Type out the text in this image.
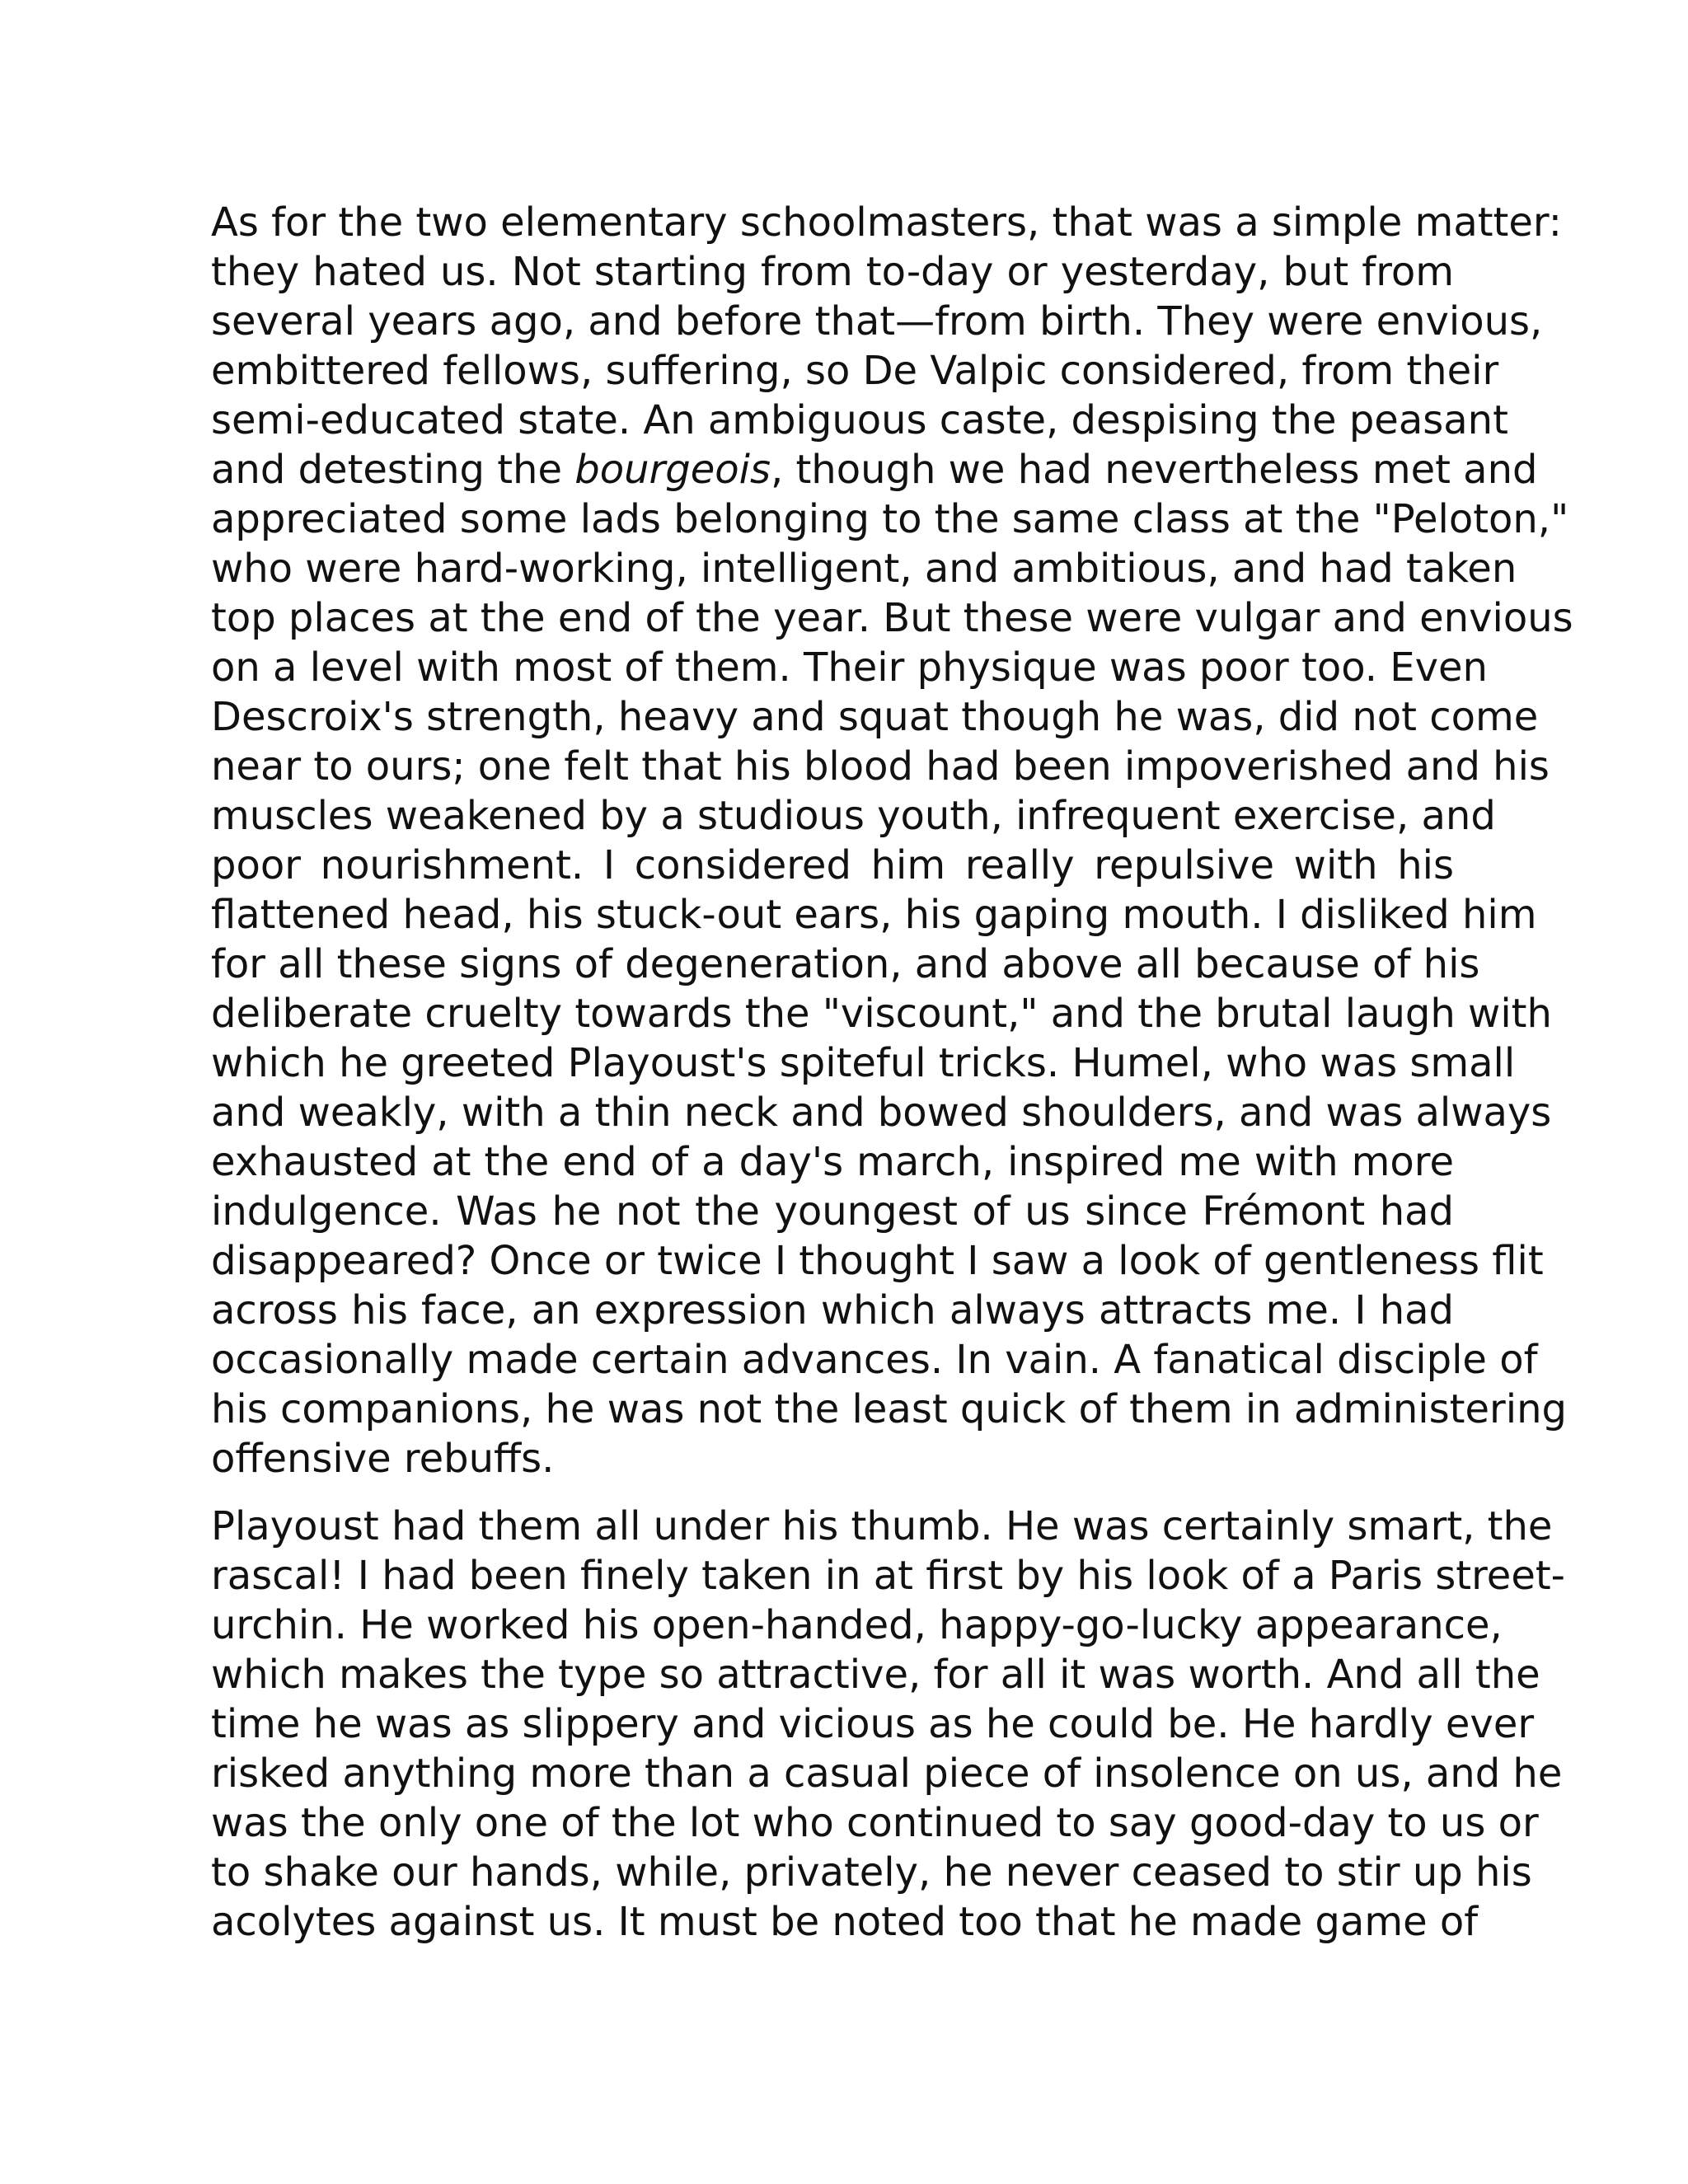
As for the two elementary schoolmasters, that was a simple matter:
they hated us. Not starting from to-day or yesterday, but from
several years ago, and before that—from birth. They were envious,
embittered fellows, suffering, so De Valpic considered, from their
semi-educated state. An ambiguous caste, despising the peasant
and detesting the bourgeois, though we had nevertheless met and
appreciated some lads belonging to the same class at the "Peloton,"
who were hard-working, intelligent, and ambitious, and had taken
top places at the end of the year. But these were vulgar and envious
on a level with most of them. Their physique was poor too. Even
Descroix's strength, heavy and squat though he was, did not come
near to ours; one felt that his blood had been impoverished and his
muscles weakened by a studious youth, infrequent exercise, and
poor nourishment. I considered him really repulsive with his
flattened head, his stuck-out ears, his gaping mouth. I disliked him
for all these signs of degeneration, and above all because of his
deliberate cruelty towards the "viscount," and the brutal laugh with
which he greeted Playoust's spiteful tricks. Humel, who was small
and weakly, with a thin neck and bowed shoulders, and was always
exhausted at the end of a day's march, inspired me with more
indulgence. Was he not the youngest of us since Frémont had
disappeared? Once or twice I thought I saw a look of gentleness flit
across his face, an expression which always attracts me. I had
occasionally made certain advances. In vain. A fanatical disciple of
his companions, he was not the least quick of them in administering
offensive rebuffs.
Playoust had them all under his thumb. He was certainly smart, the
rascal! I had been finely taken in at first by his look of a Paris street-
urchin. He worked his open-handed, happy-go-lucky appearance,
which makes the type so attractive, for all it was worth. And all the
time he was as slippery and vicious as he could be. He hardly ever
risked anything more than a casual piece of insolence on us, and he
was the only one of the lot who continued to say good-day to us or
to shake our hands, while, privately, he never ceased to stir up his
acolytes against us. It must be noted too that he made game of
